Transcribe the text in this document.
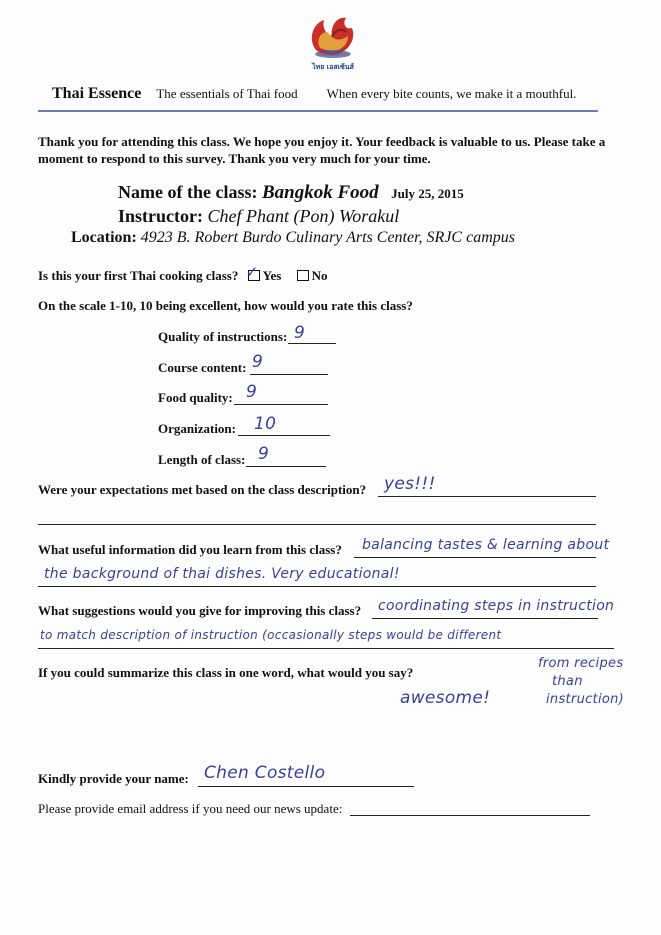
Thai Essence
ไทย เอสเซ้นส์
Thai Essence The essentials of Thai food When every bite counts, we make it a mouthful.
Thank you for attending this class. We hope you enjoy it. Your feedback is valuable to us. Please take a moment to respond to this survey. Thank you very much for your time.
Name of the class: Bangkok Food July 25, 2015
Instructor: Chef Phant (Pon) Worakul
Location: 4923 B. Robert Burdo Culinary Arts Center, SRJC campus
Is this your first Thai cooking class? ✓ Yes No
On the scale 1-10, 10 being excellent, how would you rate this class?
Quality of instructions: 9
Course content: 9
Food quality: 9
Organization: 10
Length of class: 9
Were your expectations met based on the class description? yes!!!
What useful information did you learn from this class? balancing tastes & learning about
the background of thai dishes. Very educational!
What suggestions would you give for improving this class? coordinating steps in instruction
to match description of instruction (occasionally steps would be different
from recipes
than
instruction)
If you could summarize this class in one word, what would you say?
awesome!
Kindly provide your name: Chen Costello
Please provide email address if you need our news update:
